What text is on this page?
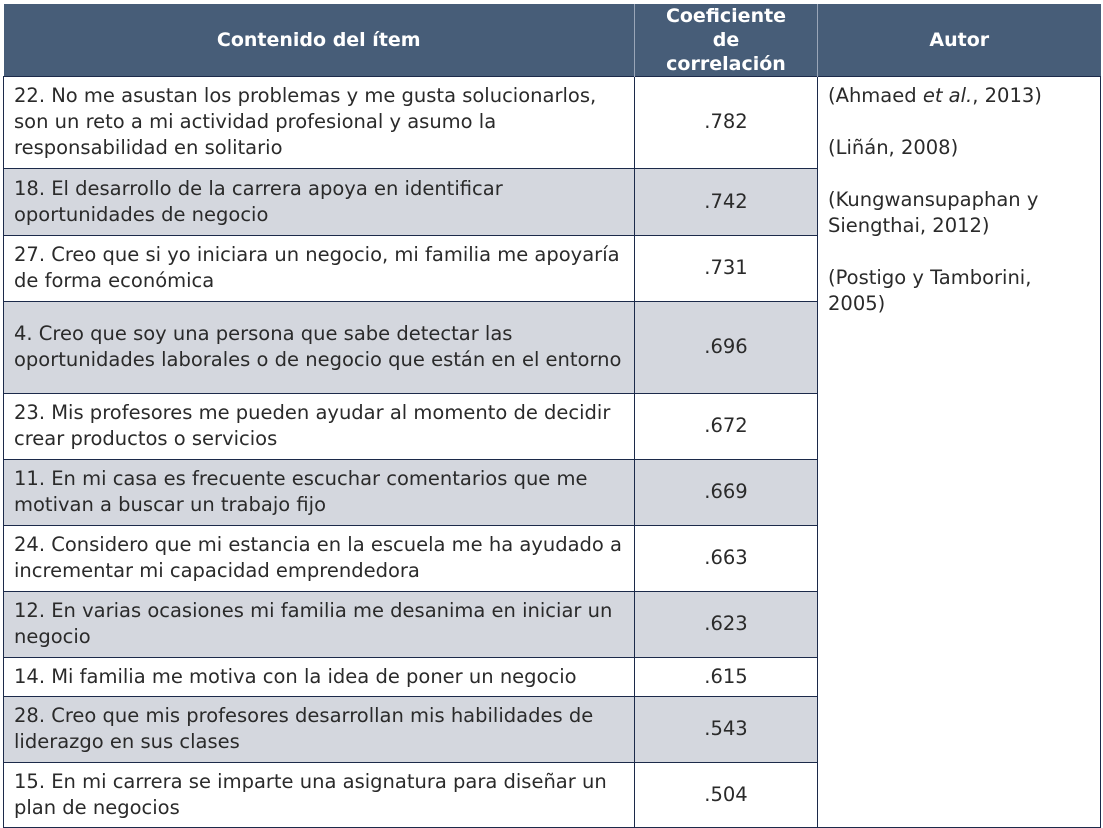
Contenido del ítem	Coeficiente de correlación	Autor
22. No me asustan los problemas y me gusta solucionarlos, son un reto a mi actividad profesional y asumo la responsabilidad en solitario	.782	(Ahmaed et al., 2013)
(Liñán, 2008)
(Kungwansupaphan y Siengthai, 2012)
(Postigo y Tamborini, 2005)

18. El desarrollo de la carrera apoya en identificar oportunidades de negocio	.742	
27. Creo que si yo iniciara un negocio, mi familia me apoyaría de forma económica	.731	
4. Creo que soy una persona que sabe detectar las oportunidades laborales o de negocio que están en el entorno	.696	
23. Mis profesores me pueden ayudar al momento de decidir crear productos o servicios	.672	
11. En mi casa es frecuente escuchar comentarios que me motivan a buscar un trabajo fijo	.669	
24. Considero que mi estancia en la escuela me ha ayudado a incrementar mi capacidad emprendedora	.663	
12. En varias ocasiones mi familia me desanima en iniciar un negocio	.623	
14. Mi familia me motiva con la idea de poner un negocio	.615	
28. Creo que mis profesores desarrollan mis habilidades de liderazgo en sus clases	.543	
15. En mi carrera se imparte una asignatura para diseñar un plan de negocios	.504	
